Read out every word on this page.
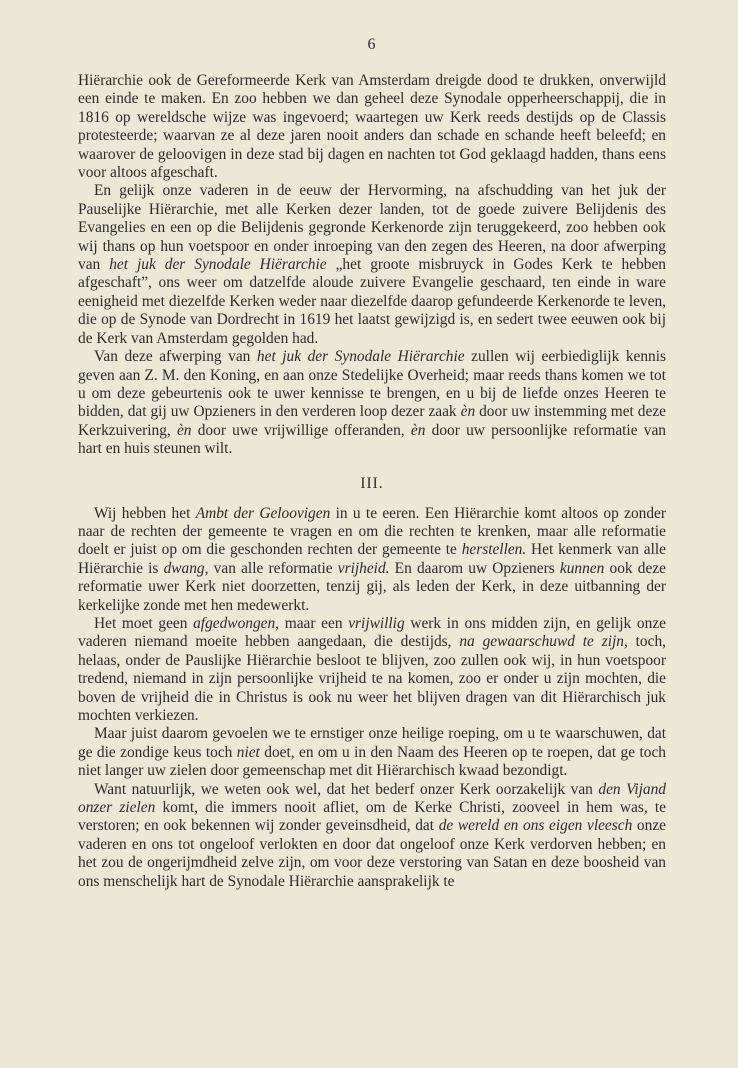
6

Hiërarchie ook de Gereformeerde Kerk van Amsterdam dreigde dood te drukken, onverwijld een einde te maken. En zoo hebben we dan geheel deze Synodale opperheerschappij, die in 1816 op wereldsche wijze was ingevoerd; waartegen uw Kerk reeds destijds op de Classis protesteerde; waarvan ze al deze jaren nooit anders dan schade en schande heeft beleefd; en waarover de geloovigen in deze stad bij dagen en nachten tot God geklaagd hadden, thans eens voor altoos afgeschaft.

En gelijk onze vaderen in de eeuw der Hervorming, na afschudding van het juk der Pauselijke Hiërarchie, met alle Kerken dezer landen, tot de goede zuivere Belijdenis des Evangelies en een op die Belijdenis gegronde Kerkenorde zijn teruggekeerd, zoo hebben ook wij thans op hun voetspoor en onder inroeping van den zegen des Heeren, na door afwerping van het juk der Synodale Hiërarchie „het groote misbruyck in Godes Kerk te hebben afgeschaft”, ons weer om datzelfde aloude zuivere Evangelie geschaard, ten einde in ware eenigheid met diezelfde Kerken weder naar diezelfde daarop gefundeerde Kerkenorde te leven, die op de Synode van Dordrecht in 1619 het laatst gewijzigd is, en sedert twee eeuwen ook bij de Kerk van Amsterdam gegolden had.

Van deze afwerping van het juk der Synodale Hiërarchie zullen wij eerbiediglijk kennis geven aan Z. M. den Koning, en aan onze Stedelijke Overheid; maar reeds thans komen we tot u om deze gebeurtenis ook te uwer kennisse te brengen, en u bij de liefde onzes Heeren te bidden, dat gij uw Opzieners in den verderen loop dezer zaak èn door uw instemming met deze Kerkzuivering, èn door uwe vrijwillige offeranden, èn door uw persoonlijke reformatie van hart en huis steunen wilt.

III.

Wij hebben het Ambt der Geloovigen in u te eeren. Een Hiërarchie komt altoos op zonder naar de rechten der gemeente te vragen en om die rechten te krenken, maar alle reformatie doelt er juist op om die geschonden rechten der gemeente te herstellen. Het kenmerk van alle Hiërarchie is dwang, van alle reformatie vrijheid. En daarom uw Opzieners kunnen ook deze reformatie uwer Kerk niet doorzetten, tenzij gij, als leden der Kerk, in deze uitbanning der kerkelijke zonde met hen medewerkt.

Het moet geen afgedwongen, maar een vrijwillig werk in ons midden zijn, en gelijk onze vaderen niemand moeite hebben aangedaan, die destijds, na gewaarschuwd te zijn, toch, helaas, onder de Pauslijke Hiërarchie besloot te blijven, zoo zullen ook wij, in hun voetspoor tredend, niemand in zijn persoonlijke vrijheid te na komen, zoo er onder u zijn mochten, die boven de vrijheid die in Christus is ook nu weer het blijven dragen van dit Hiërarchisch juk mochten verkiezen.

Maar juist daarom gevoelen we te ernstiger onze heilige roeping, om u te waarschuwen, dat ge die zondige keus toch niet doet, en om u in den Naam des Heeren op te roepen, dat ge toch niet langer uw zielen door gemeenschap met dit Hiërarchisch kwaad bezondigt.

Want natuurlijk, we weten ook wel, dat het bederf onzer Kerk oorzakelijk van den Vijand onzer zielen komt, die immers nooit afliet, om de Kerke Christi, zooveel in hem was, te verstoren; en ook bekennen wij zonder geveinsdheid, dat de wereld en ons eigen vleesch onze vaderen en ons tot ongeloof verlokten en door dat ongeloof onze Kerk verdorven hebben; en het zou de ongerijmdheid zelve zijn, om voor deze verstoring van Satan en deze boosheid van ons menschelijk hart de Synodale Hiërarchie aansprakelijk te
